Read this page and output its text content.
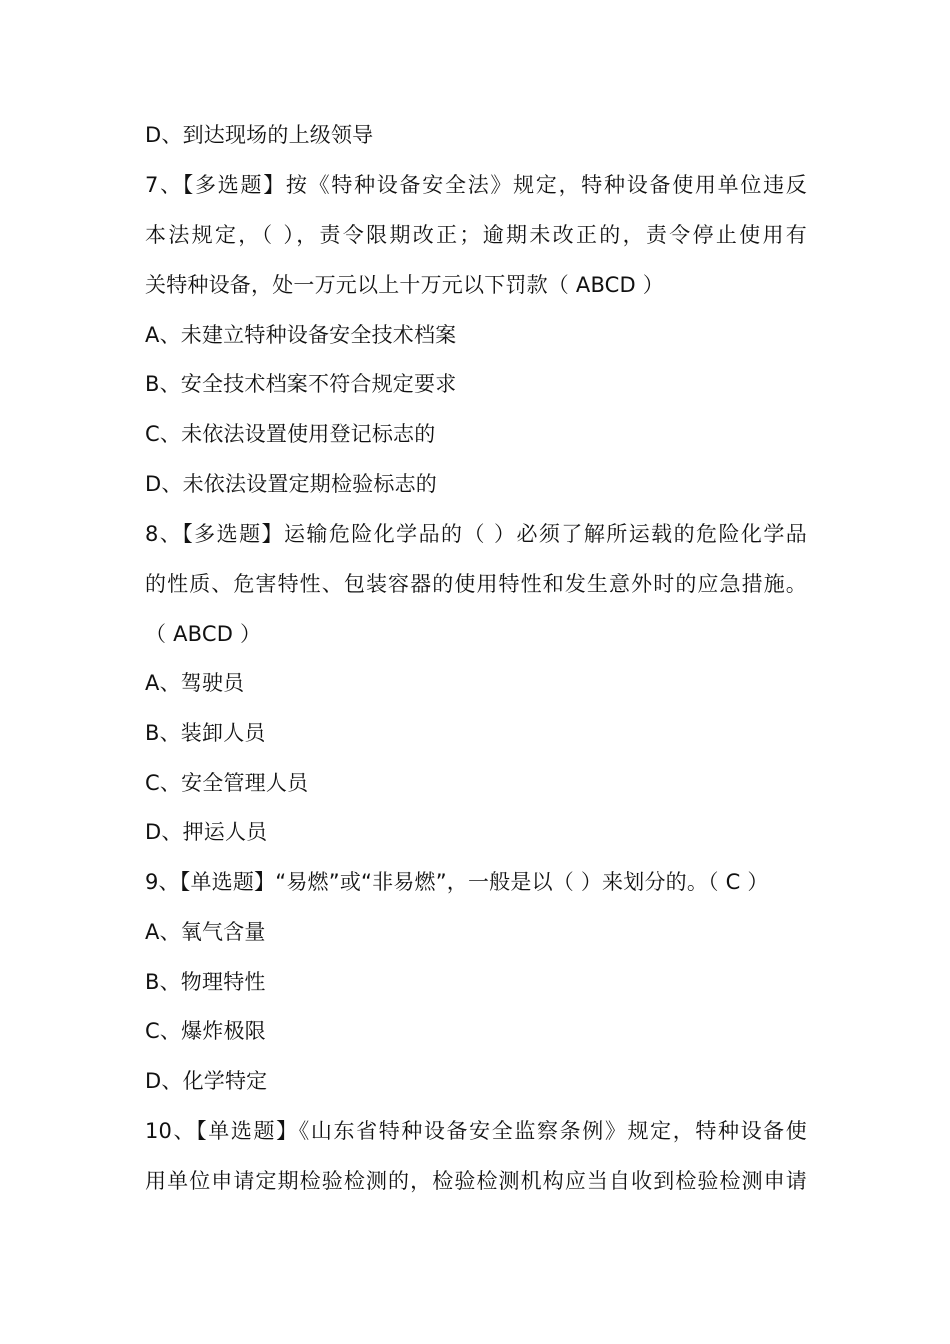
D、到达现场的上级领导
7、【多选题】按《特种设备安全法》规定，特种设备使用单位违反
本法规定，（ ），责令限期改正；逾期未改正的，责令停止使用有
关特种设备，处一万元以上十万元以下罚款（ ABCD ）
A、未建立特种设备安全技术档案
B、安全技术档案不符合规定要求
C、未依法设置使用登记标志的
D、未依法设置定期检验标志的
8、【多选题】运输危险化学品的（ ）必须了解所运载的危险化学品
的性质、危害特性、包装容器的使用特性和发生意外时的应急措施。
（ ABCD ）
A、驾驶员
B、装卸人员
C、安全管理人员
D、押运人员
9、【单选题】“易燃”或“非易燃”，一般是以（ ）来划分的。（ C ）
A、氧气含量
B、物理特性
C、爆炸极限
D、化学特定
10、【单选题】《山东省特种设备安全监察条例》规定，特种设备使
用单位申请定期检验检测的，检验检测机构应当自收到检验检测申请
